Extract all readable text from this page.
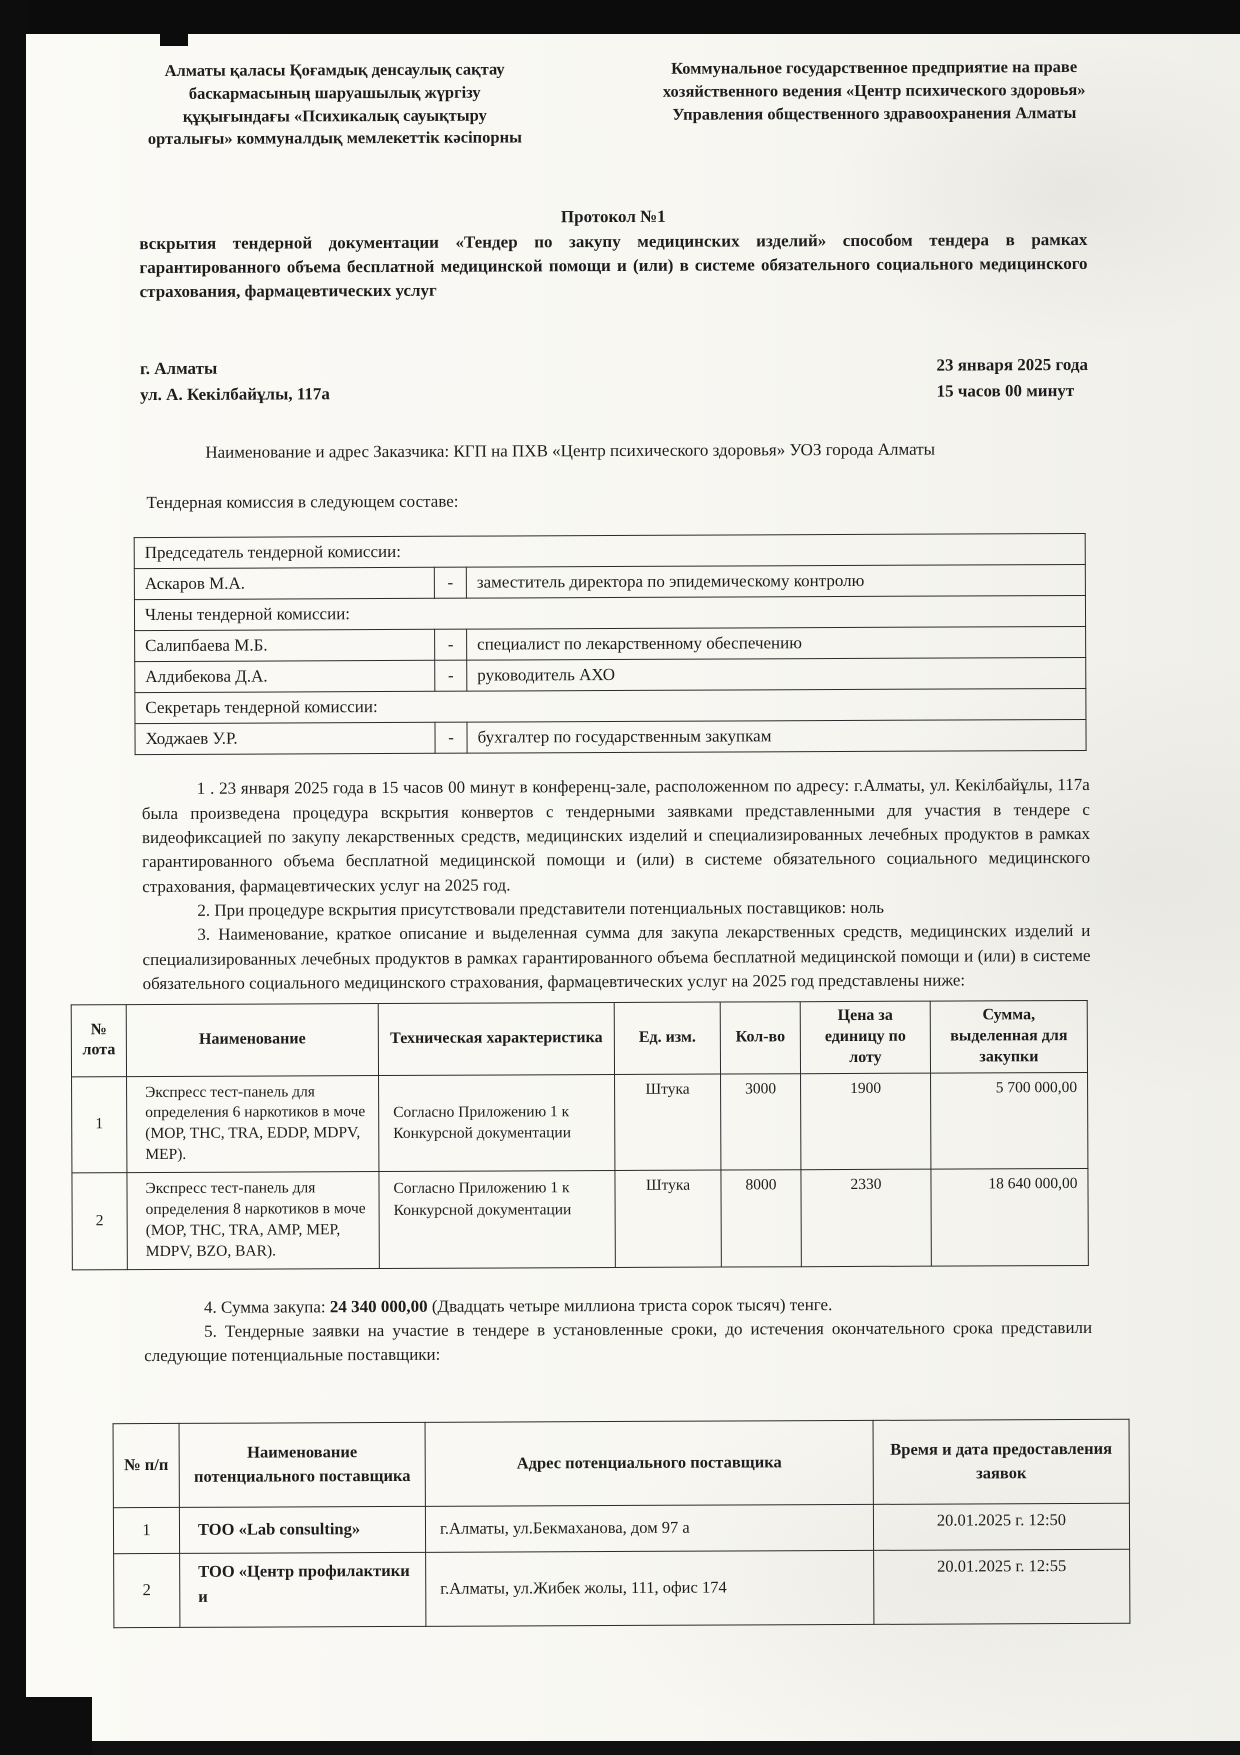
Алматы қаласы Қоғамдық денсаулық сақтау баскармасының шаруашылық жүргізу құқығындағы «Психикалық сауықтыру орталығы» коммуналдық мемлекеттік кәсіпорны
Коммунальное государственное предприятие на праве хозяйственного ведения «Центр психического здоровья» Управления общественного здравоохранения Алматы
Протокол №1
вскрытия тендерной документации «Тендер по закупу медицинских изделий» способом тендера в рамках гарантированного объема бесплатной медицинской помощи и (или) в системе обязательного социального медицинского страхования, фармацевтических услуг
г. Алматы
ул. А. Кекілбайұлы, 117а
23 января 2025 года
15 часов 00 минут

Наименование и адрес Заказчика: КГП на ПХВ «Центр психического здоровья» УОЗ города Алматы

Тендерная комиссия в следующем составе:

Председатель тендерной комиссии:		
Аскаров М.А.	-	заместитель директора по эпидемическому контролю
Члены тендерной комиссии:		
Салипбаева М.Б.	-	специалист по лекарственному обеспечению
Алдибекова Д.А.	-	руководитель АХО
Секретарь тендерной комиссии:		
Ходжаев У.Р.	-	бухгалтер по государственным закупкам

1 . 23 января 2025 года в 15 часов 00 минут в конференц-зале, расположенном по адресу: г.Алматы, ул. Кекілбайұлы, 117а была произведена процедура вскрытия конвертов с тендерными заявками представленными для участия в тендере с видеофиксацией по закупу лекарственных средств, медицинских изделий и специализированных лечебных продуктов в рамках гарантированного объема бесплатной медицинской помощи и (или) в системе обязательного социального медицинского страхования, фармацевтических услуг на 2025 год.

2. При процедуре вскрытия присутствовали представители потенциальных поставщиков: ноль

3. Наименование, краткое описание и выделенная сумма для закупа лекарственных средств, медицинских изделий и специализированных лечебных продуктов в рамках гарантированного объема бесплатной медицинской помощи и (или) в системе обязательного социального медицинского страхования, фармацевтических услуг на 2025 год представлены ниже:

№ лота	Наименование	Техническая характеристика	Ед. изм.	Кол-во	Цена за единицу по лоту	Сумма, выделенная для закупки
1	Экспресс тест-панель для определения 6 наркотиков в моче (MOP, THC, TRA, EDDP, MDPV, MEP).	Согласно Приложению 1 к Конкурсной документации	Штука	3000	1900	5 700 000,00
2	Экспресс тест-панель для определения 8 наркотиков в моче (MOP, THC, TRA, AMP, MEP, MDPV, BZO, BAR).	Согласно Приложению 1 к Конкурсной документации	Штука	8000	2330	18 640 000,00

4. Сумма закупа: 24 340 000,00 (Двадцать четыре миллиона триста сорок тысяч) тенге.

5. Тендерные заявки на участие в тендере в установленные сроки, до истечения окончательного срока представили следующие потенциальные поставщики:

№ п/п	Наименование потенциального поставщика	Адрес потенциального поставщика	Время и дата предоставления заявок
1	ТОО «Lab consulting»	г.Алматы, ул.Бекмаханова, дом 97 а	20.01.2025 г. 12:50
2	ТОО «Центр профилактики и	г.Алматы, ул.Жибек жолы, 111, офис 174	20.01.2025 г. 12:55
